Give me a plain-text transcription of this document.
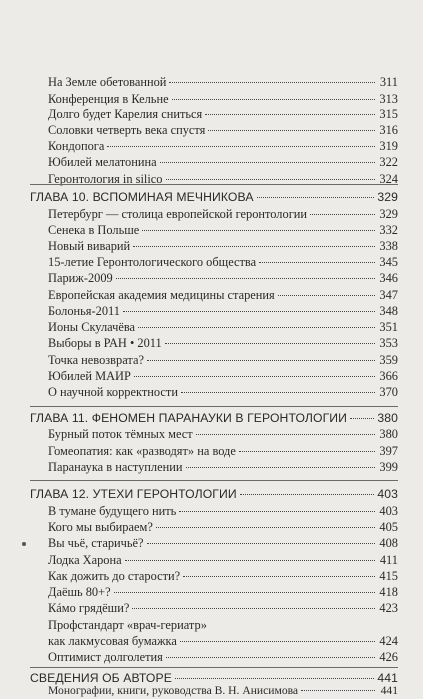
На Земле обетованной	311
Конференция в Кельне	313
Долго будет Карелия сниться	315
Соловки четверть века спустя	316
Кондопога	319
Юбилей мелатонина	322
Геронтология in silico	324
ГЛАВА 10. ВСПОМИНАЯ МЕЧНИКОВА	329
Петербург — столица европейской геронтологии	329
Сенека в Польше	332
Новый виварий	338
15-летие Геронтологического общества	345
Париж-2009	346
Европейская академия медицины старения	347
Болонья-2011	348
Ионы Скулачёва	351
Выборы в РАН • 2011	353
Точка невозврата?	359
Юбилей МАИР	366
О научной корректности	370
ГЛАВА 11. ФЕНОМЕН ПАРАНАУКИ В ГЕРОНТОЛОГИИ 380
Бурный поток тёмных мест	380
Гомеопатия: как «разводят» на воде	397
Паранаука в наступлении	399
ГЛАВА 12. УТЕХИ ГЕРОНТОЛОГИИ	403
В тумане будущего нить	403
Кого мы выбираем?	405
Вы чьё, старичьё?	408
Лодка Харона	411
Как дожить до старости?	415
Даёшь 80+?	418
Кáмо грядёши?	423
Профстандарт «врач-гериатр»
как лакмусовая бумажка	424
Оптимист долголетия	426
СВЕДЕНИЯ ОБ АВТОРЕ	441
Монографии, книги, руководства В. Н. Анисимова	441
